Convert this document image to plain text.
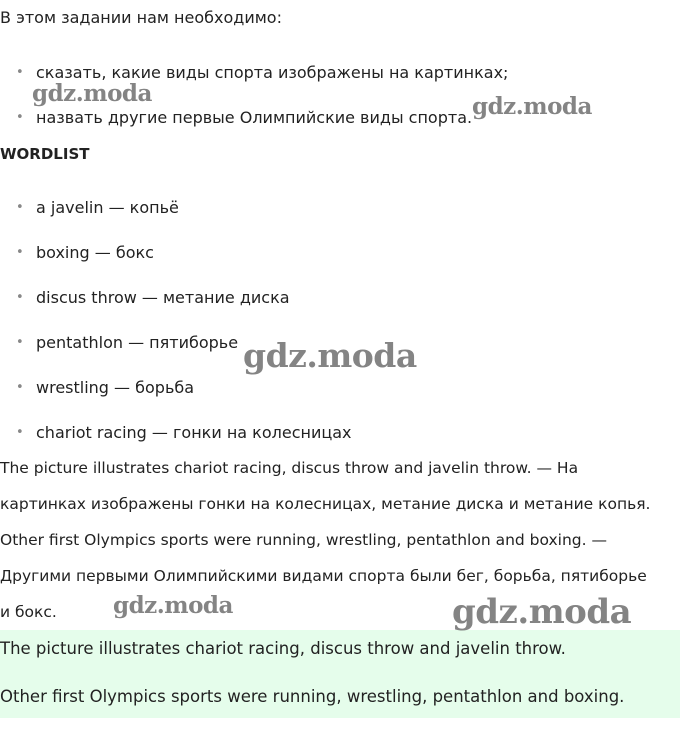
В этом задании нам необходимо:

• сказать, какие виды спорта изображены на картинках;
• назвать другие первые Олимпийские виды спорта.
WORDLIST
• a javelin — копьё
• boxing — бокс
• discus throw — метание диска
• pentathlon — пятиборье
• wrestling — борьба
• chariot racing — гонки на колесницах
The picture illustrates chariot racing, discus throw and javelin throw. — На
картинках изображены гонки на колесницах, метание диска и метание копья.
Other first Olympics sports were running, wrestling, pentathlon and boxing. —
Другими первыми Олимпийскими видами спорта были бег, борьба, пятиборье
и бокс.
The picture illustrates chariot racing, discus throw and javelin throw.
Other first Olympics sports were running, wrestling, pentathlon and boxing.
gdz.moda	gdz.moda
gdz.moda
gdz.moda	gdz.moda
